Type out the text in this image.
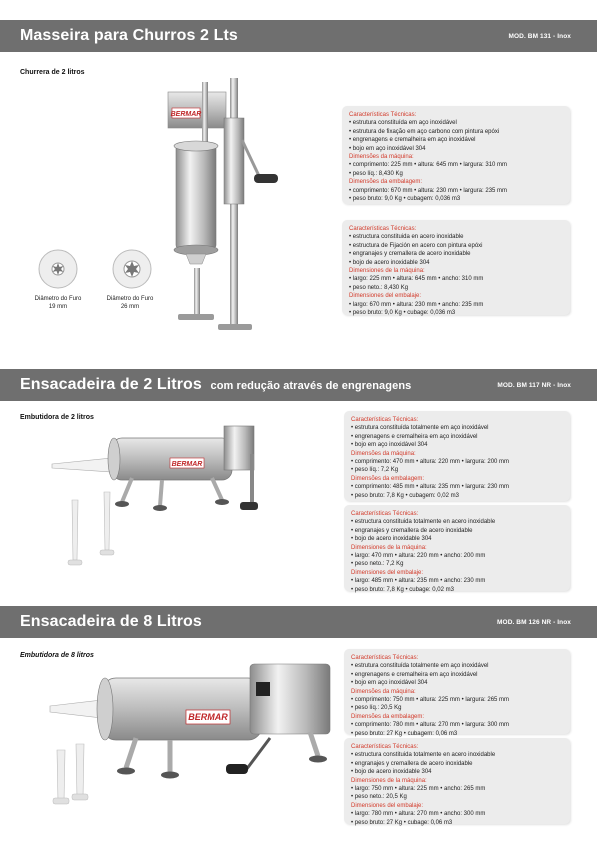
Masseira para Churros 2 Lts	MOD. BM 131 - Inox
Churrera de 2 litros
BERMAR
Diâmetro do Furo
19 mm
Diâmetro do Furo
26 mm
Características Técnicas:
• estrutura constituída em aço inoxidável
• estrutura de fixação em aço carbono com pintura epóxi
• engrenagens e cremalheira em aço inoxidável
• bojo em aço inoxidável 304
Dimensões da máquina:
• comprimento: 225 mm • altura: 645 mm • largura: 310 mm
• peso líq.: 8,430 Kg
Dimensões da embalagem:
• comprimento: 670 mm • altura: 230 mm • largura: 235 mm
• peso bruto: 9,0 Kg • cubagem: 0,036 m3
Características Técnicas:
• estructura constituida en acero inoxidable
• estructura de Fijación en acero con pintura epóxi
• engranajes y cremallera de acero inoxidable
• bojo de acero inoxidable 304
Dimensiones de la máquina:
• largo: 225 mm • altura: 645 mm • ancho: 310 mm
• peso neto.: 8,430 Kg
Dimensiones del embalaje:
• largo: 670 mm • altura: 230 mm • ancho: 235 mm
• peso bruto: 9,0 Kg • cubage: 0,036 m3
Ensacadeira de 2 Litros com redução através de engrenagens	MOD. BM 117 NR - Inox
Embutidora de 2 litros
BERMAR
Características Técnicas:
• estrutura constituída totalmente em aço inoxidável
• engrenagens e cremalheira em aço inoxidável
• bojo em aço inoxidável 304
Dimensões da máquina:
• comprimento: 470 mm • altura: 220 mm • largura: 200 mm
• peso líq.: 7,2 Kg
Dimensões da embalagem:
• comprimento: 485 mm • altura: 235 mm • largura: 230 mm
• peso bruto: 7,8 Kg • cubagem: 0,02 m3
Características Técnicas:
• estructura constituida totalmente en acero inoxidable
• engranajes y cremallera de acero inoxidable
• bojo de acero inoxidable 304
Dimensiones de la máquina:
• largo: 470 mm • altura: 220 mm • ancho: 200 mm
• peso neto.: 7,2 Kg
Dimensiones del embalaje:
• largo: 485 mm • altura: 235 mm • ancho: 230 mm
• peso bruto: 7,8 Kg • cubage: 0,02 m3
Ensacadeira de 8 Litros	MOD. BM 126 NR - Inox
Embutidora de 8 litros
BERMAR
Características Técnicas:
• estrutura constituída totalmente em aço inoxidável
• engrenagens e cremalheira em aço inoxidável
• bojo em aço inoxidável 304
Dimensões da máquina:
• comprimento: 750 mm • altura: 225 mm • largura: 265 mm
• peso líq.: 20,5 Kg
Dimensões da embalagem:
• comprimento: 780 mm • altura: 270 mm • largura: 300 mm
• peso bruto: 27 Kg • cubagem: 0,06 m3
Características Técnicas:
• estructura constituida totalmente en acero inoxidable
• engranajes y cremallera de acero inoxidable
• bojo de acero inoxidable 304
Dimensiones de la máquina:
• largo: 750 mm • altura: 225 mm • ancho: 265 mm
• peso neto.: 20,5 Kg
Dimensiones del embalaje:
• largo: 780 mm • altura: 270 mm • ancho: 300 mm
• peso bruto: 27 Kg • cubage: 0,06 m3
